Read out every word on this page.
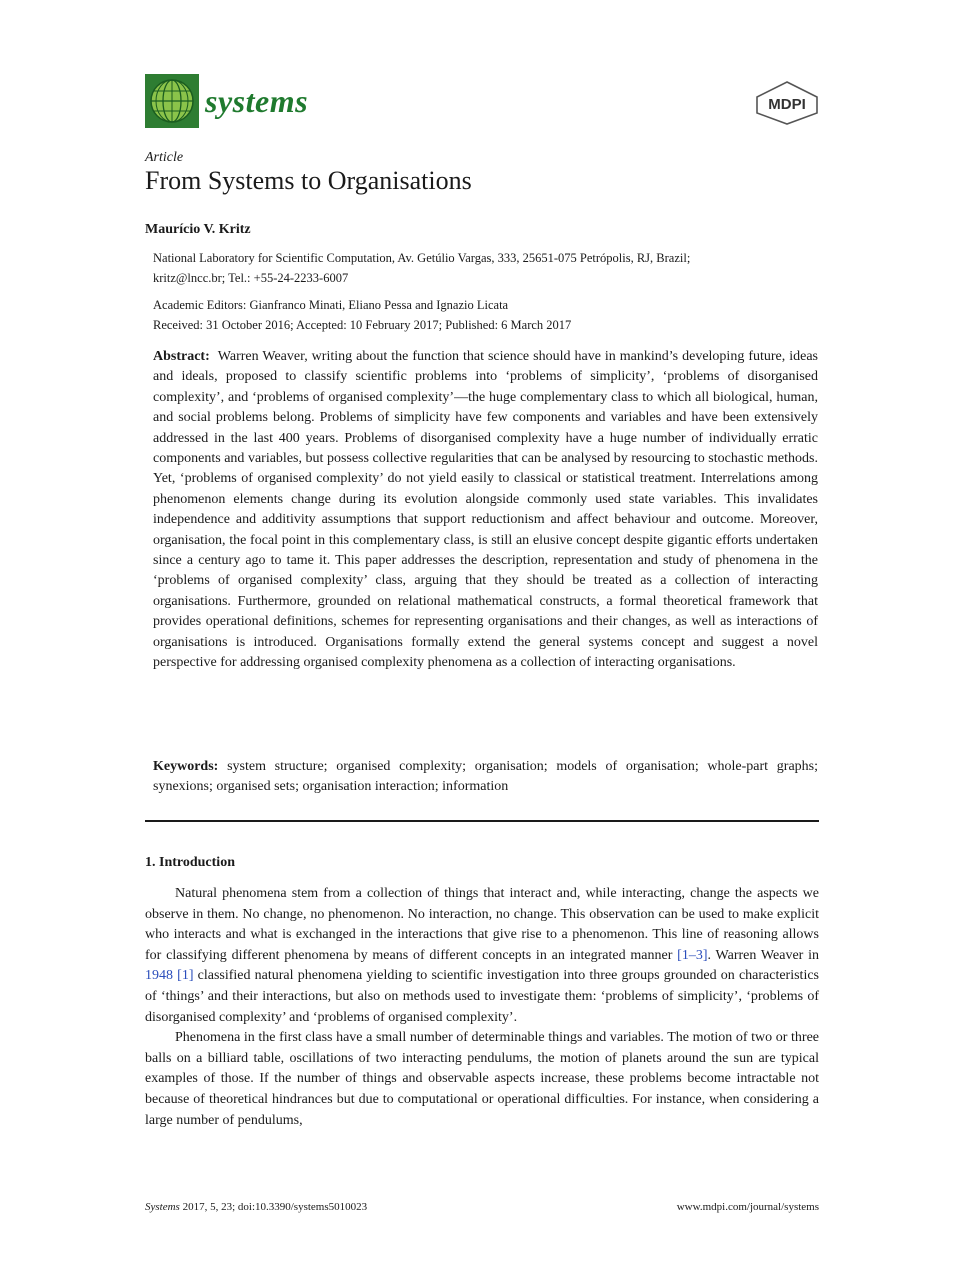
systems	MDPI
Article
From Systems to Organisations
Maurício V. Kritz
National Laboratory for Scientific Computation, Av. Getúlio Vargas, 333, 25651-075 Petrópolis, RJ, Brazil;
kritz@lncc.br; Tel.: +55-24-2233-6007
Academic Editors: Gianfranco Minati, Eliano Pessa and Ignazio Licata
Received: 31 October 2016; Accepted: 10 February 2017; Published: 6 March 2017

Abstract: Warren Weaver, writing about the function that science should have in mankind’s developing future, ideas and ideals, proposed to classify scientific problems into ‘problems of simplicity’, ‘problems of disorganised complexity’, and ‘problems of organised complexity’—the huge complementary class to which all biological, human, and social problems belong. Problems of simplicity have few components and variables and have been extensively addressed in the last 400 years. Problems of disorganised complexity have a huge number of individually erratic components and variables, but possess collective regularities that can be analysed by resourcing to stochastic methods. Yet, ‘problems of organised complexity’ do not yield easily to classical or statistical treatment. Interrelations among phenomenon elements change during its evolution alongside commonly used state variables. This invalidates independence and additivity assumptions that support reductionism and affect behaviour and outcome. Moreover, organisation, the focal point in this complementary class, is still an elusive concept despite gigantic efforts undertaken since a century ago to tame it. This paper addresses the description, representation and study of phenomena in the ‘problems of organised complexity’ class, arguing that they should be treated as a collection of interacting organisations. Furthermore, grounded on relational mathematical constructs, a formal theoretical framework that provides operational definitions, schemes for representing organisations and their changes, as well as interactions of organisations is introduced. Organisations formally extend the general systems concept and suggest a novel perspective for addressing organised complexity phenomena as a collection of interacting organisations.

Keywords: system structure; organised complexity; organisation; models of organisation; whole-part graphs; synexions; organised sets; organisation interaction; information

1. Introduction

Natural phenomena stem from a collection of things that interact and, while interacting, change the aspects we observe in them. No change, no phenomenon. No interaction, no change. This observation can be used to make explicit who interacts and what is exchanged in the interactions that give rise to a phenomenon. This line of reasoning allows for classifying different phenomena by means of different concepts in an integrated manner [1–3]. Warren Weaver in 1948 [1] classified natural phenomena yielding to scientific investigation into three groups grounded on characteristics of ‘things’ and their interactions, but also on methods used to investigate them: ‘problems of simplicity’, ‘problems of disorganised complexity’ and ‘problems of organised complexity’.

Phenomena in the first class have a small number of determinable things and variables. The motion of two or three balls on a billiard table, oscillations of two interacting pendulums, the motion of planets around the sun are typical examples of those. If the number of things and observable aspects increase, these problems become intractable not because of theoretical hindrances but due to computational or operational difficulties. For instance, when considering a large number of pendulums,

Systems 2017, 5, 23; doi:10.3390/systems5010023	www.mdpi.com/journal/systems
